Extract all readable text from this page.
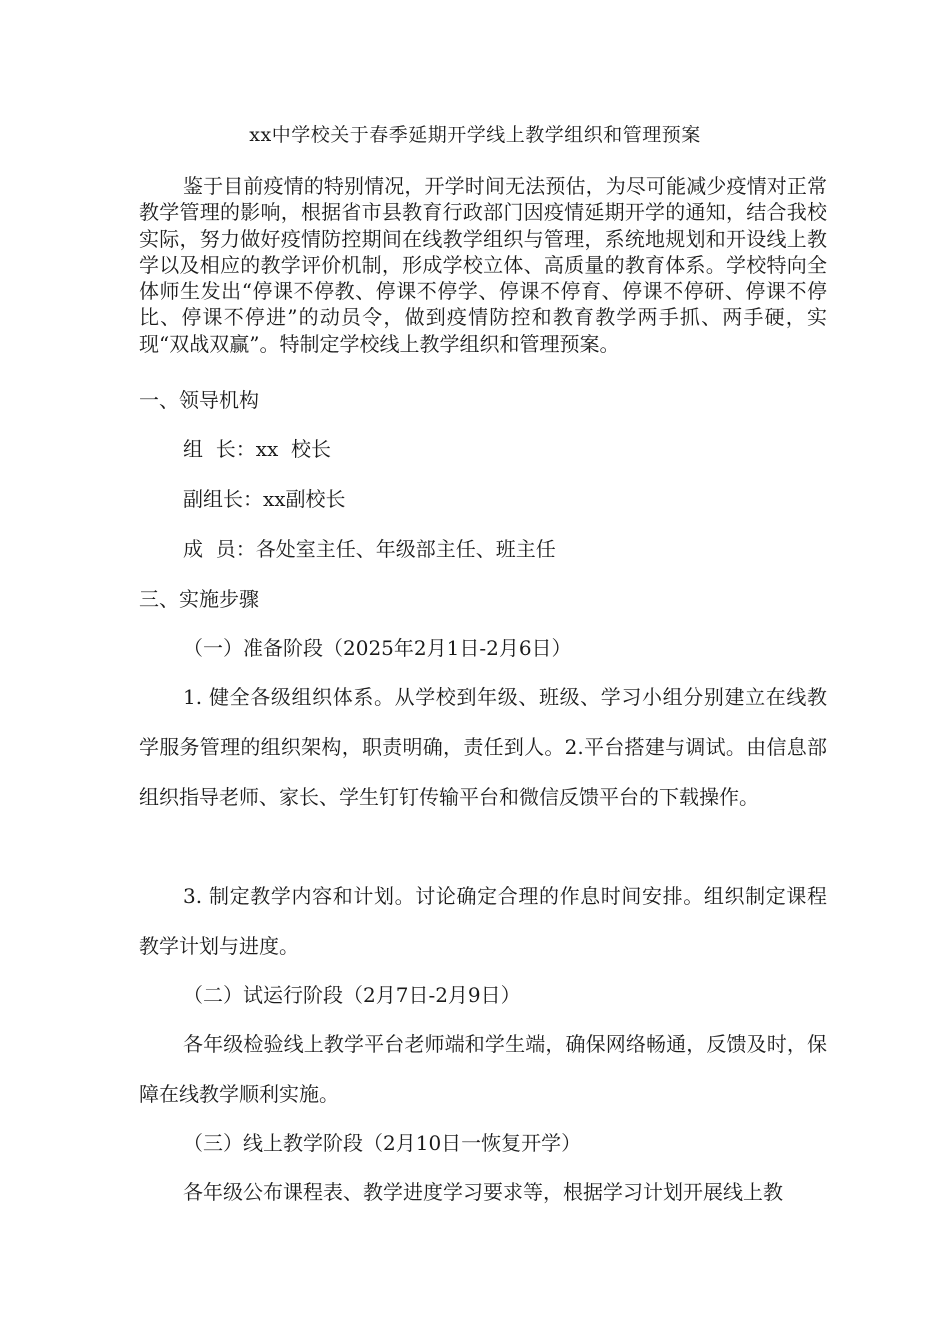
xx中学校关于春季延期开学线上教学组织和管理预案

鉴于目前疫情的特别情况，开学时间无法预估，为尽可能减少疫情对正常教学管理的影响，根据省市县教育行政部门因疫情延期开学的通知，结合我校实际，努力做好疫情防控期间在线教学组织与管理，系统地规划和开设线上教学以及相应的教学评价机制，形成学校立体、高质量的教育体系。学校特向全体师生发出“停课不停教、停课不停学、停课不停育、停课不停研、停课不停比、停课不停进”的动员令，做到疫情防控和教育教学两手抓、两手硬，实现“双战双赢”。特制定学校线上教学组织和管理预案。

一、领导机构

组  长：xx  校长

副组长：xx副校长

成  员：各处室主任、年级部主任、班主任

三、实施步骤

（一）准备阶段（2025年2月1日-2月6日）

1. 健全各级组织体系。从学校到年级、班级、学习小组分别建立在线教学服务管理的组织架构，职责明确，责任到人。2.平台搭建与调试。由信息部组织指导老师、家长、学生钉钉传输平台和微信反馈平台的下载操作。

3. 制定教学内容和计划。讨论确定合理的作息时间安排。组织制定课程教学计划与进度。

（二）试运行阶段（2月7日-2月9日）

各年级检验线上教学平台老师端和学生端，确保网络畅通，反馈及时，保障在线教学顺利实施。

（三）线上教学阶段（2月10日一恢复开学）

各年级公布课程表、教学进度学习要求等，根据学习计划开展线上教
